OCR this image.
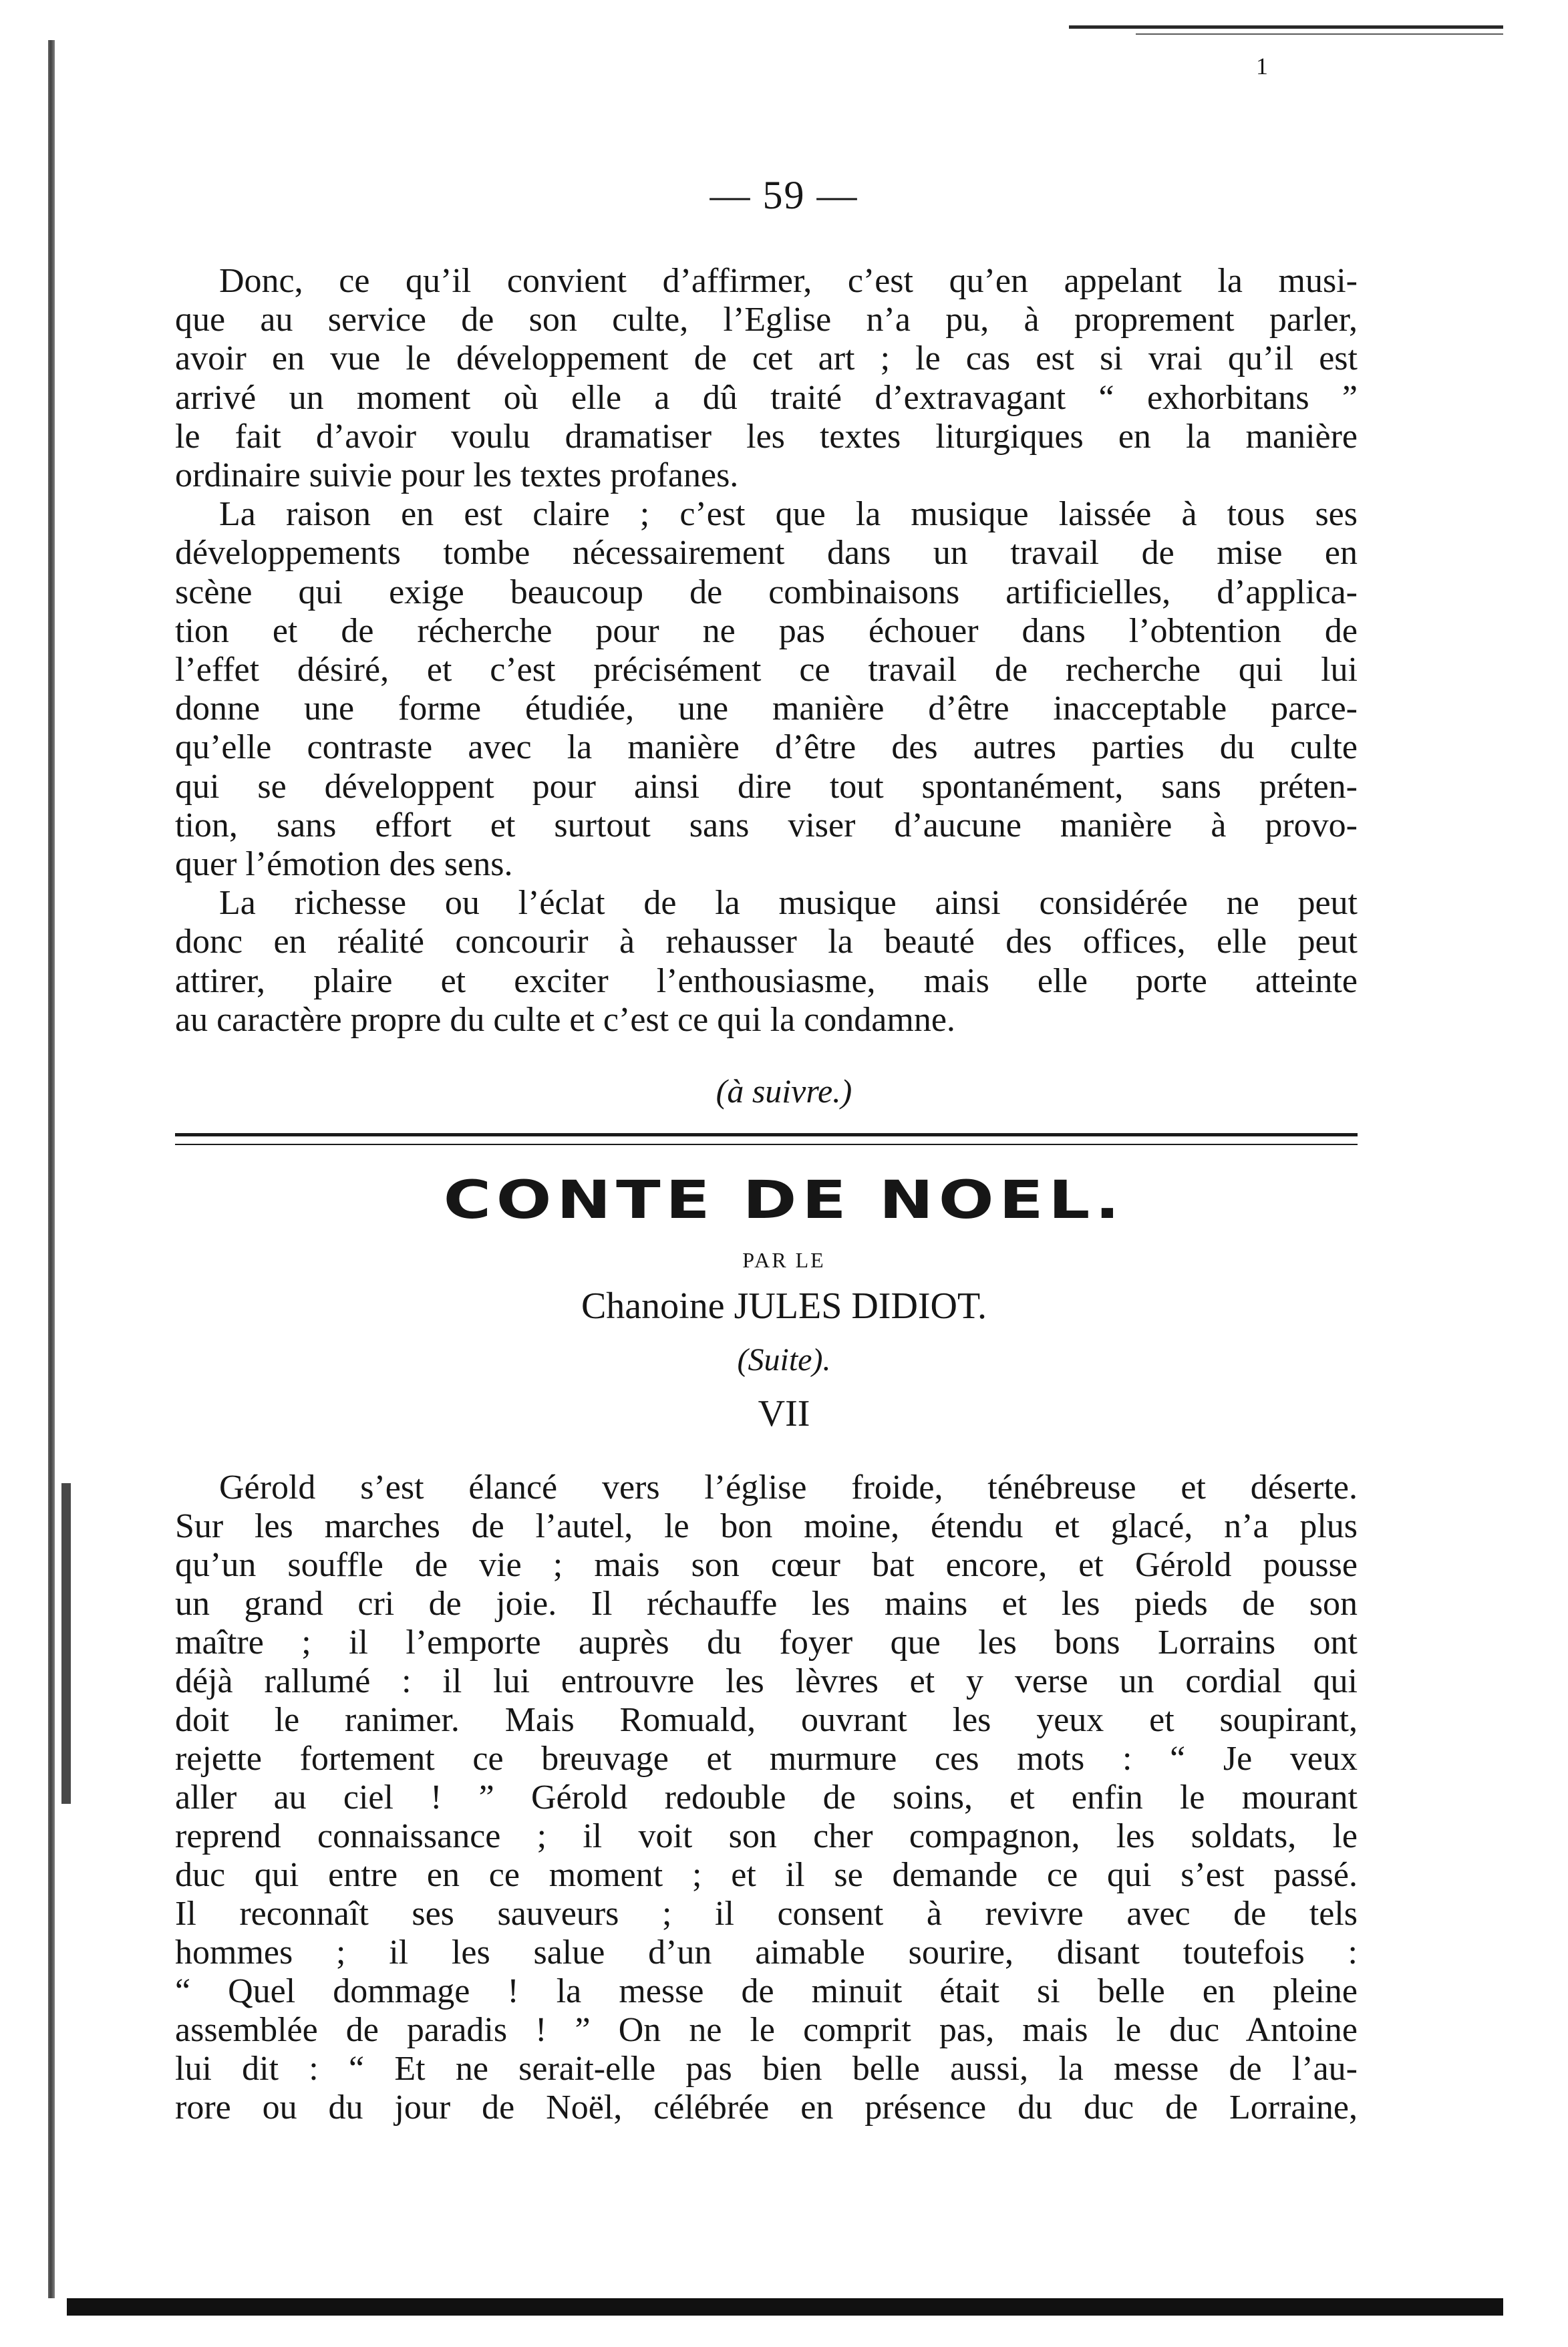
1
— 59 —
Donc, ce qu’il convient d’affirmer, c’est qu’en appelant la musi-
que au service de son culte, l’Eglise n’a pu, à proprement parler,
avoir en vue le développement de cet art ; le cas est si vrai qu’il est
arrivé un moment où elle a dû traité d’extravagant “ exhorbitans ”
le fait d’avoir voulu dramatiser les textes liturgiques en la manière
ordinaire suivie pour les textes profanes.
La raison en est claire ; c’est que la musique laissée à tous ses
développements tombe nécessairement dans un travail de mise en
scène qui exige beaucoup de combinaisons artificielles, d’applica-
tion et de récherche pour ne pas échouer dans l’obtention de
l’effet désiré, et c’est précisément ce travail de recherche qui lui
donne une forme étudiée, une manière d’être inacceptable parce-
qu’elle contraste avec la manière d’être des autres parties du culte
qui se développent pour ainsi dire tout spontanément, sans préten-
tion, sans effort et surtout sans viser d’aucune manière à provo-
quer l’émotion des sens.
La richesse ou l’éclat de la musique ainsi considérée ne peut
donc en réalité concourir à rehausser la beauté des offices, elle peut
attirer, plaire et exciter l’enthousiasme, mais elle porte atteinte
au caractère propre du culte et c’est ce qui la condamne.
(à suivre.)
CONTE DE NOEL.
PAR LE
Chanoine JULES DIDIOT.
(Suite).
VII
Gérold s’est élancé vers l’église froide, ténébreuse et déserte.
Sur les marches de l’autel, le bon moine, étendu et glacé, n’a plus
qu’un souffle de vie ; mais son cœur bat encore, et Gérold pousse
un grand cri de joie. Il réchauffe les mains et les pieds de son
maître ; il l’emporte auprès du foyer que les bons Lorrains ont
déjà rallumé : il lui entrouvre les lèvres et y verse un cordial qui
doit le ranimer. Mais Romuald, ouvrant les yeux et soupirant,
rejette fortement ce breuvage et murmure ces mots : “ Je veux
aller au ciel ! ” Gérold redouble de soins, et enfin le mourant
reprend connaissance ; il voit son cher compagnon, les soldats, le
duc qui entre en ce moment ; et il se demande ce qui s’est passé.
Il reconnaît ses sauveurs ; il consent à revivre avec de tels
hommes ; il les salue d’un aimable sourire, disant toutefois :
“ Quel dommage ! la messe de minuit était si belle en pleine
assemblée de paradis ! ” On ne le comprit pas, mais le duc Antoine
lui dit : “ Et ne serait-elle pas bien belle aussi, la messe de l’au-
rore ou du jour de Noël, célébrée en présence du duc de Lorraine,
